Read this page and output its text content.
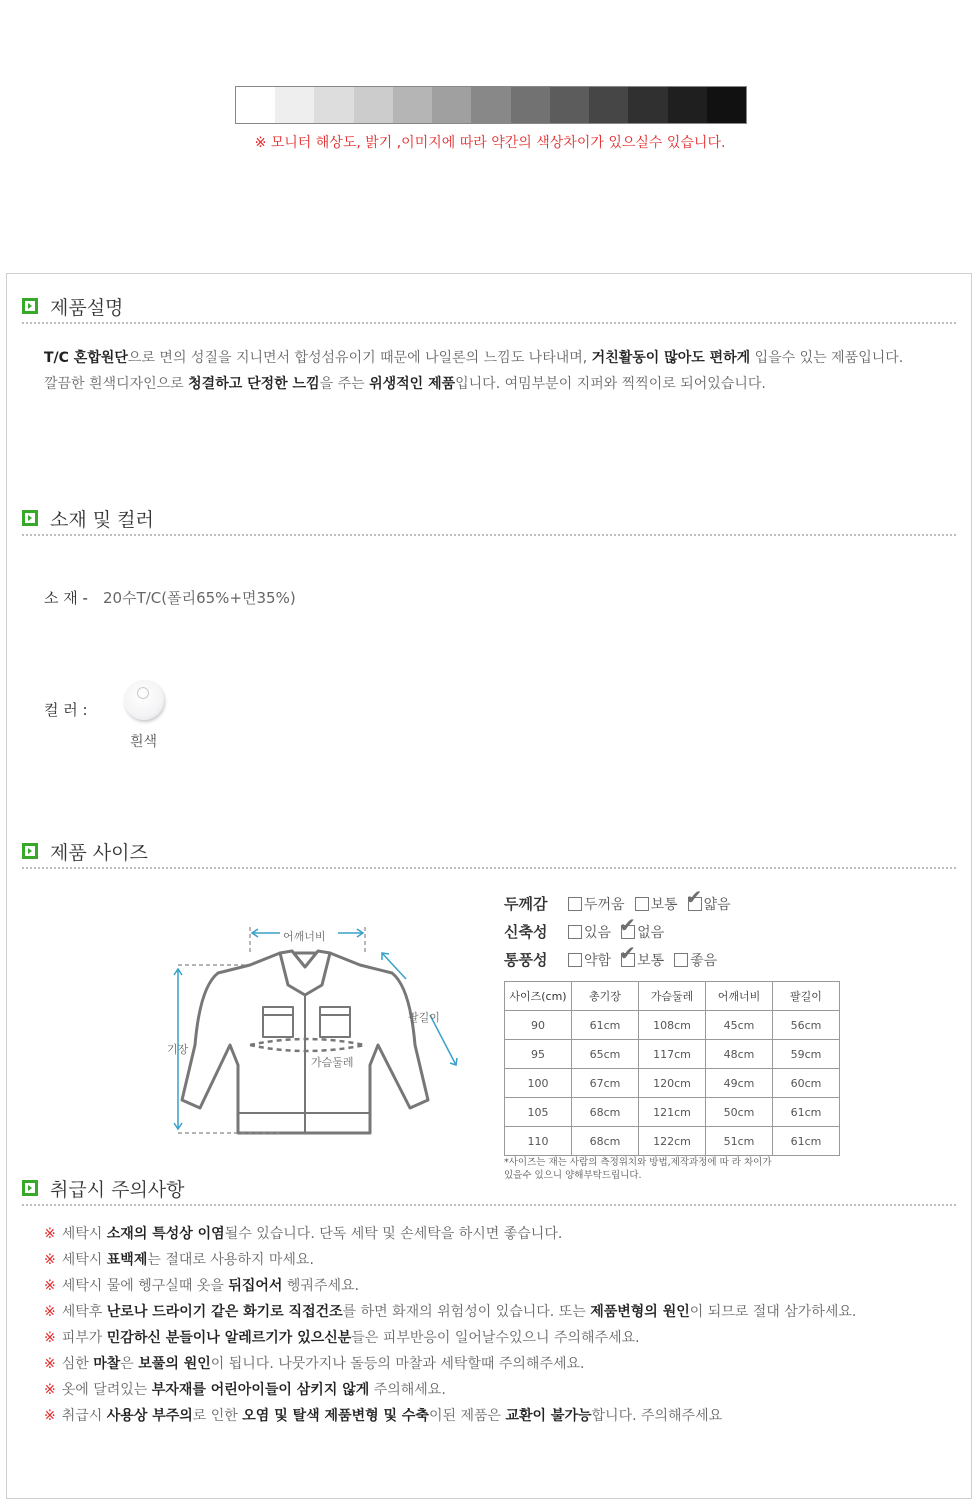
※ 모니터 해상도, 밝기 ,이미지에 따라 약간의 색상차이가 있으실수 있습니다.
제품설명
T/C 혼합원단으로 면의 성질을 지니면서 합성섬유이기 때문에 나일론의 느낌도 나타내며, 거친활동이 많아도 편하게 입을수 있는 제품입니다.
깔끔한 흰색디자인으로 청결하고 단정한 느낌을 주는 위생적인 제품입니다. 여밈부분이 지퍼와 찍찍이로 되어있습니다.
소재 및 컬러
소 재 - 20수T/C(폴리65%+면35%)
컬 러 :
흰색
제품 사이즈
어깨너비
팔길이
기장
가슴둘레
두께감	두꺼움 보통 ✔ 얇음
신축성	있음 ✔ 없음
통풍성	약함 ✔ 보통 좋음
사이즈(cm)	총기장	가슴둘레	어깨너비	팔길이
90	61cm	108cm	45cm	56cm
95	65cm	117cm	48cm	59cm
100	67cm	120cm	49cm	60cm
105	68cm	121cm	50cm	61cm
110	68cm	122cm	51cm	61cm
*사이즈는 재는 사람의 측정위치와 방법,제작과정에 따 라 차이가
있을수 있으니 양해부탁드립니다.
취급시 주의사항
※ 세탁시 소재의 특성상 이염될수 있습니다. 단독 세탁 및 손세탁을 하시면 좋습니다.
※ 세탁시 표백제는 절대로 사용하지 마세요.
※ 세탁시 물에 헹구실때 옷을 뒤집어서 헹궈주세요.
※ 세탁후 난로나 드라이기 같은 화기로 직접건조를 하면 화재의 위험성이 있습니다. 또는 제품변형의 원인이 되므로 절대 삼가하세요.
※ 피부가 민감하신 분들이나 알레르기가 있으신분들은 피부반응이 일어날수있으니 주의해주세요.
※ 심한 마찰은 보풀의 원인이 됩니다. 나뭇가지나 돌등의 마찰과 세탁할때 주의해주세요.
※ 옷에 달려있는 부자재를 어린아이들이 삼키지 않게 주의해세요.
※ 취급시 사용상 부주의로 인한 오염 및 탈색 제품변형 및 수축이된 제품은 교환이 불가능합니다. 주의해주세요
